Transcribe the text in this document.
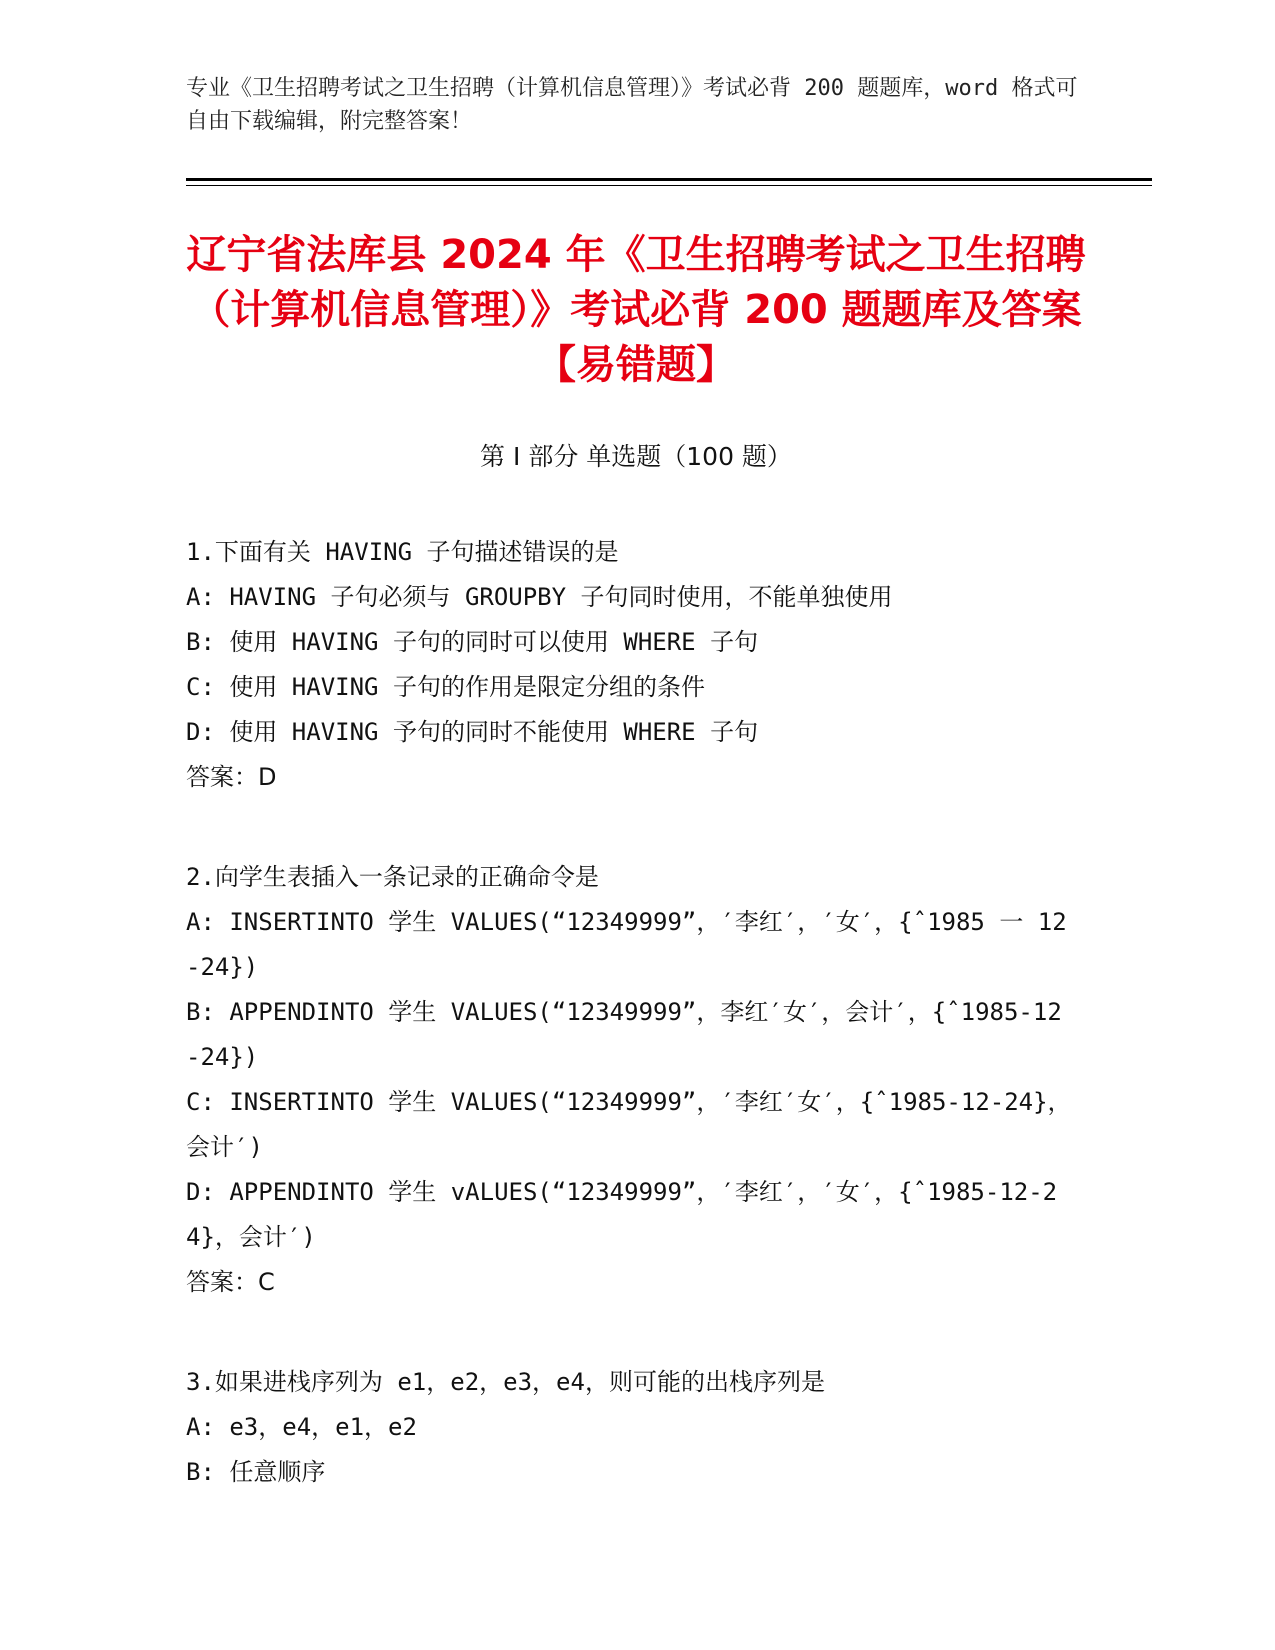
专业《卫生招聘考试之卫生招聘（计算机信息管理）》考试必背 200 题题库，word 格式可自由下载编辑，附完整答案！
辽宁省法库县 2024 年《卫生招聘考试之卫生招聘（计算机信息管理）》考试必背 200 题题库及答案【易错题】
第 I 部分 单选题（100 题）
1.下面有关 HAVING 子句描述错误的是
A: HAVING 子句必须与 GROUPBY 子句同时使用，不能单独使用
B: 使用 HAVING 子句的同时可以使用 WHERE 子句
C: 使用 HAVING 子句的作用是限定分组的条件
D: 使用 HAVING 予句的同时不能使用 WHERE 子句
答案：D
2.向学生表插入一条记录的正确命令是
A: INSERTINTO 学生 VALUES(“12349999”，′李红′，′女′，{ˆ1985 一 12-24})
B: APPENDINTO 学生 VALUES(“12349999”，李红′女′，会计′，{ˆ1985-12-24})
C: INSERTINTO 学生 VALUES(“12349999”，′李红′女′，{ˆ1985-12-24}，会计′)
D: APPENDINTO 学生 vALUES(“12349999”，′李红′，′女′，{ˆ1985-12-24}，会计′)
答案：C
3.如果进栈序列为 e1，e2，e3，e4，则可能的出栈序列是
A: e3，e4，e1，e2
B: 任意顺序
